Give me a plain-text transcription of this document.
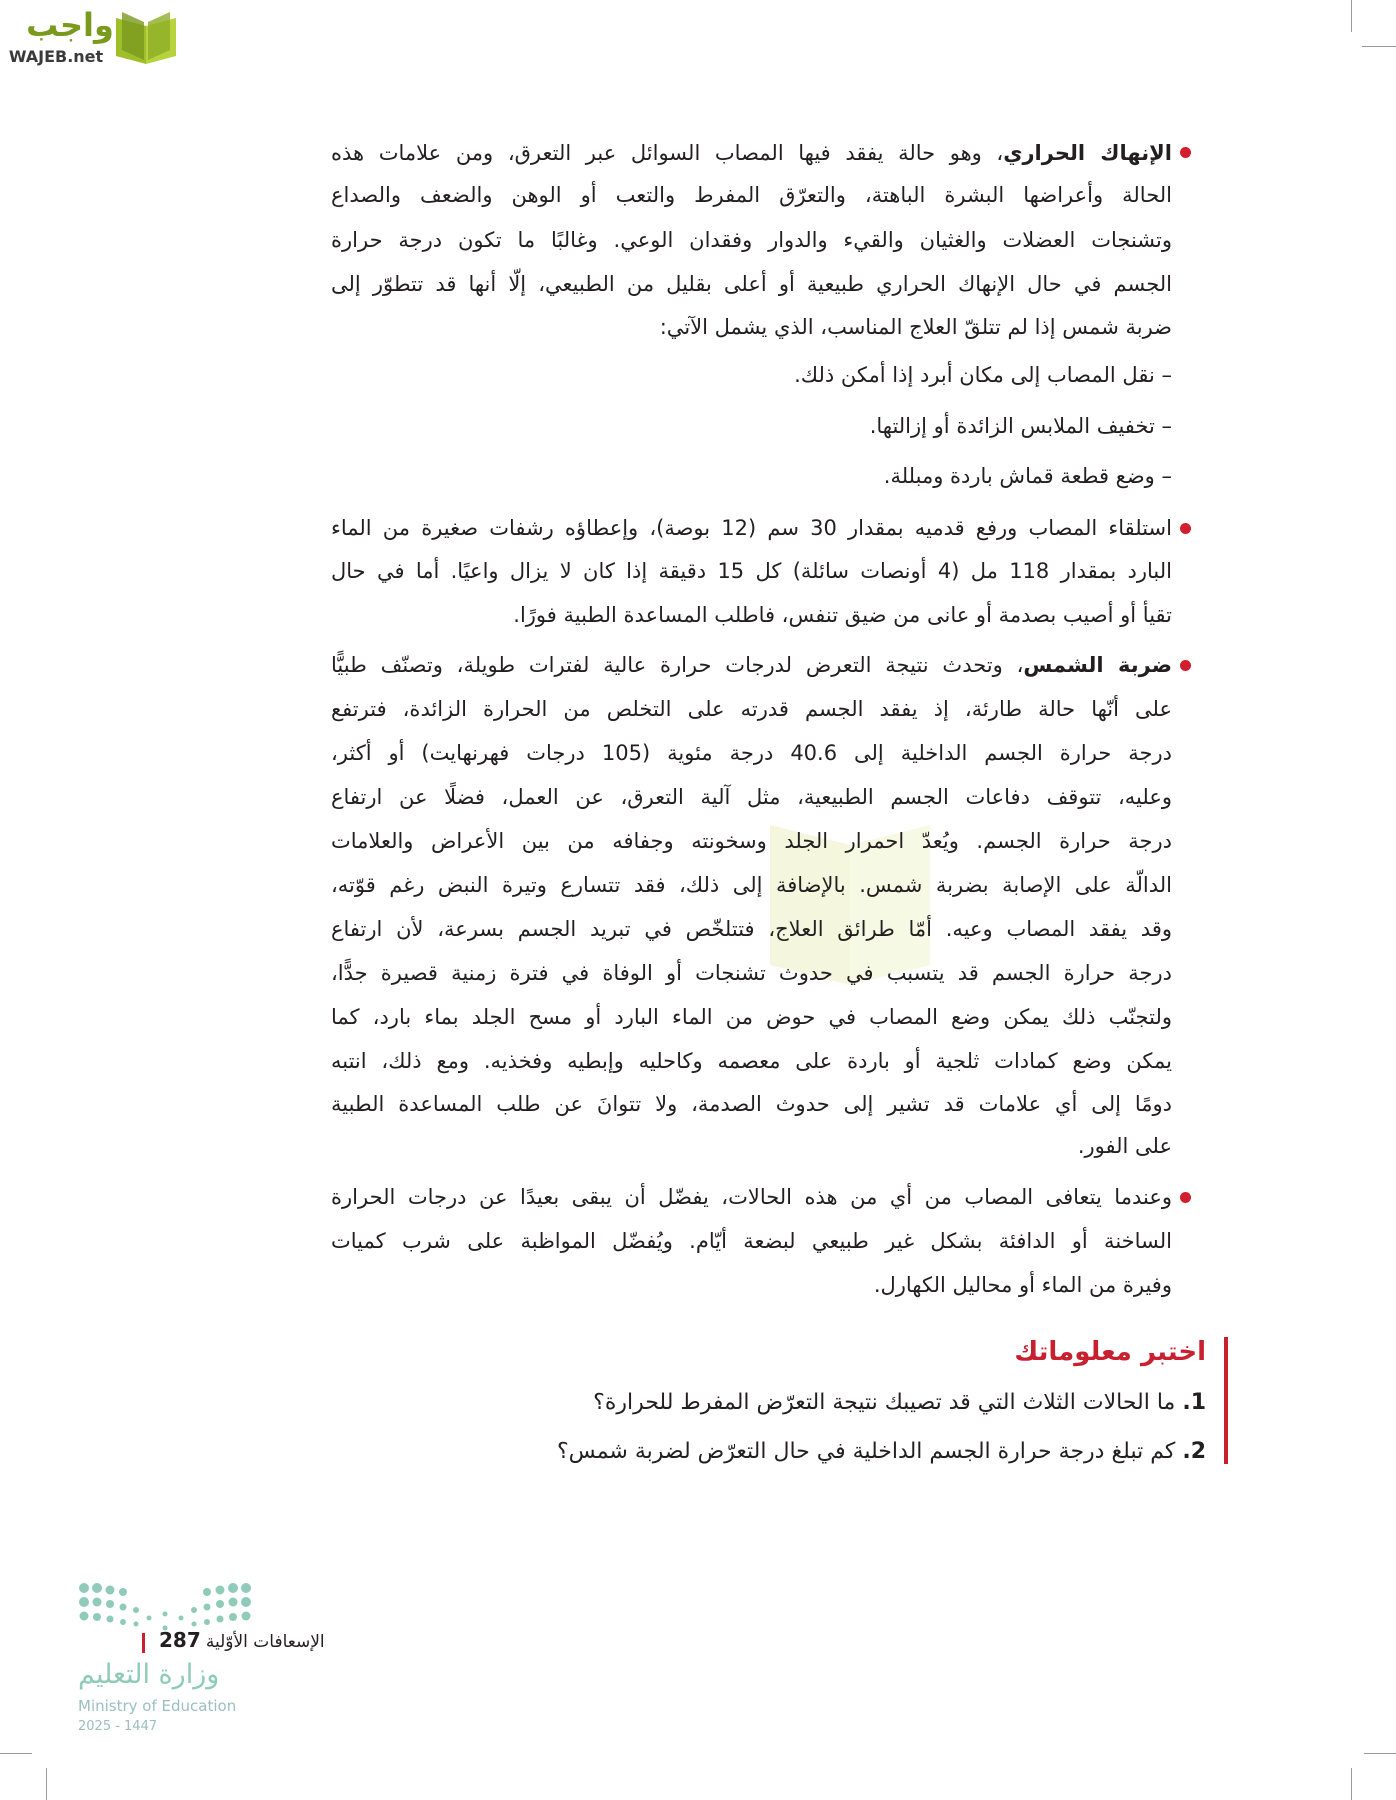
واجب
WAJEB.net
الإنهاك الحراري، وهو حالة يفقد فيها المصاب السوائل عبر التعرق، ومن علامات هذه
الحالة وأعراضها البشرة الباهتة، والتعرّق المفرط والتعب أو الوهن والضعف والصداع
وتشنجات العضلات والغثيان والقيء والدوار وفقدان الوعي. وغالبًا ما تكون درجة حرارة
الجسم في حال الإنهاك الحراري طبيعية أو أعلى بقليل من الطبيعي، إلّا أنها قد تتطوّر إلى
ضربة شمس إذا لم تتلقّ العلاج المناسب، الذي يشمل الآتي:
– نقل المصاب إلى مكان أبرد إذا أمكن ذلك.
– تخفيف الملابس الزائدة أو إزالتها.
– وضع قطعة قماش باردة ومبللة.
استلقاء المصاب ورفع قدميه بمقدار 30 سم (12 بوصة)، وإعطاؤه رشفات صغيرة من الماء
البارد بمقدار 118 مل (4 أونصات سائلة) كل 15 دقيقة إذا كان لا يزال واعيًا. أما في حال
تقيأ أو أصيب بصدمة أو عانى من ضيق تنفس، فاطلب المساعدة الطبية فورًا.
ضربة الشمس، وتحدث نتيجة التعرض لدرجات حرارة عالية لفترات طويلة، وتصنّف طبيًّا
على أنّها حالة طارئة، إذ يفقد الجسم قدرته على التخلص من الحرارة الزائدة، فترتفع
درجة حرارة الجسم الداخلية إلى 40.6 درجة مئوية (105 درجات فهرنهايت) أو أكثر،
وعليه، تتوقف دفاعات الجسم الطبيعية، مثل آلية التعرق، عن العمل، فضلًا عن ارتفاع
درجة حرارة الجسم. ويُعدّ احمرار الجلد وسخونته وجفافه من بين الأعراض والعلامات
الدالّة على الإصابة بضربة شمس. بالإضافة إلى ذلك، فقد تتسارع وتيرة النبض رغم قوّته،
وقد يفقد المصاب وعيه. أمّا طرائق العلاج، فتتلخّص في تبريد الجسم بسرعة، لأن ارتفاع
درجة حرارة الجسم قد يتسبب في حدوث تشنجات أو الوفاة في فترة زمنية قصيرة جدًّا،
ولتجنّب ذلك يمكن وضع المصاب في حوض من الماء البارد أو مسح الجلد بماء بارد، كما
يمكن وضع كمادات ثلجية أو باردة على معصمه وكاحليه وإبطيه وفخذيه. ومع ذلك، انتبه
دومًا إلى أي علامات قد تشير إلى حدوث الصدمة، ولا تتوانَ عن طلب المساعدة الطبية
على الفور.
وعندما يتعافى المصاب من أي من هذه الحالات، يفضّل أن يبقى بعيدًا عن درجات الحرارة
الساخنة أو الدافئة بشكل غير طبيعي لبضعة أيّام. ويُفضّل المواظبة على شرب كميات
وفيرة من الماء أو محاليل الكهارل.
اختبر معلوماتك
1. ما الحالات الثلاث التي قد تصيبك نتيجة التعرّض المفرط للحرارة؟
2. كم تبلغ درجة حرارة الجسم الداخلية في حال التعرّض لضربة شمس؟
وزارة التعليم
Ministry of Education
2025 - 1447
287 الإسعافات الأوّلية
